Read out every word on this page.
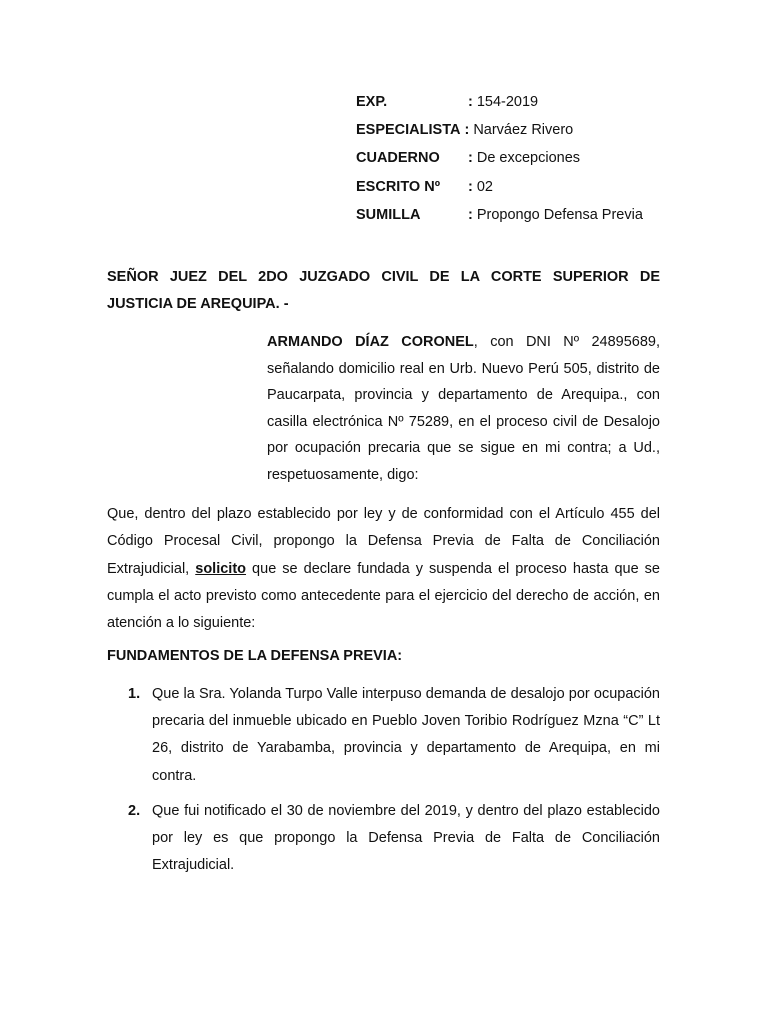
EXP.	: 154-2019
ESPECIALISTA : Narváez Rivero
CUADERNO	: De excepciones
ESCRITO Nº	: 02
SUMILLA	: Propongo Defensa Previa
SEÑOR JUEZ DEL 2DO JUZGADO CIVIL DE LA CORTE SUPERIOR DE
JUSTICIA DE AREQUIPA. -
ARMANDO DÍAZ CORONEL, con DNI Nº 24895689, señalando domicilio real en Urb. Nuevo Perú 505, distrito de Paucarpata, provincia y departamento de Arequipa., con casilla electrónica Nº 75289, en el proceso civil de Desalojo por ocupación precaria que se sigue en mi contra; a Ud., respetuosamente, digo:
Que, dentro del plazo establecido por ley y de conformidad con el Artículo 455 del Código Procesal Civil, propongo la Defensa Previa de Falta de Conciliación Extrajudicial, solicito que se declare fundada y suspenda el proceso hasta que se cumpla el acto previsto como antecedente para el ejercicio del derecho de acción, en atención a lo siguiente:
FUNDAMENTOS DE LA DEFENSA PREVIA:
1. Que la Sra. Yolanda Turpo Valle interpuso demanda de desalojo por ocupación precaria del inmueble ubicado en Pueblo Joven Toribio Rodríguez Mzna “C” Lt 26, distrito de Yarabamba, provincia y departamento de Arequipa, en mi contra.
2. Que fui notificado el 30 de noviembre del 2019, y dentro del plazo establecido por ley es que propongo la Defensa Previa de Falta de Conciliación Extrajudicial.
